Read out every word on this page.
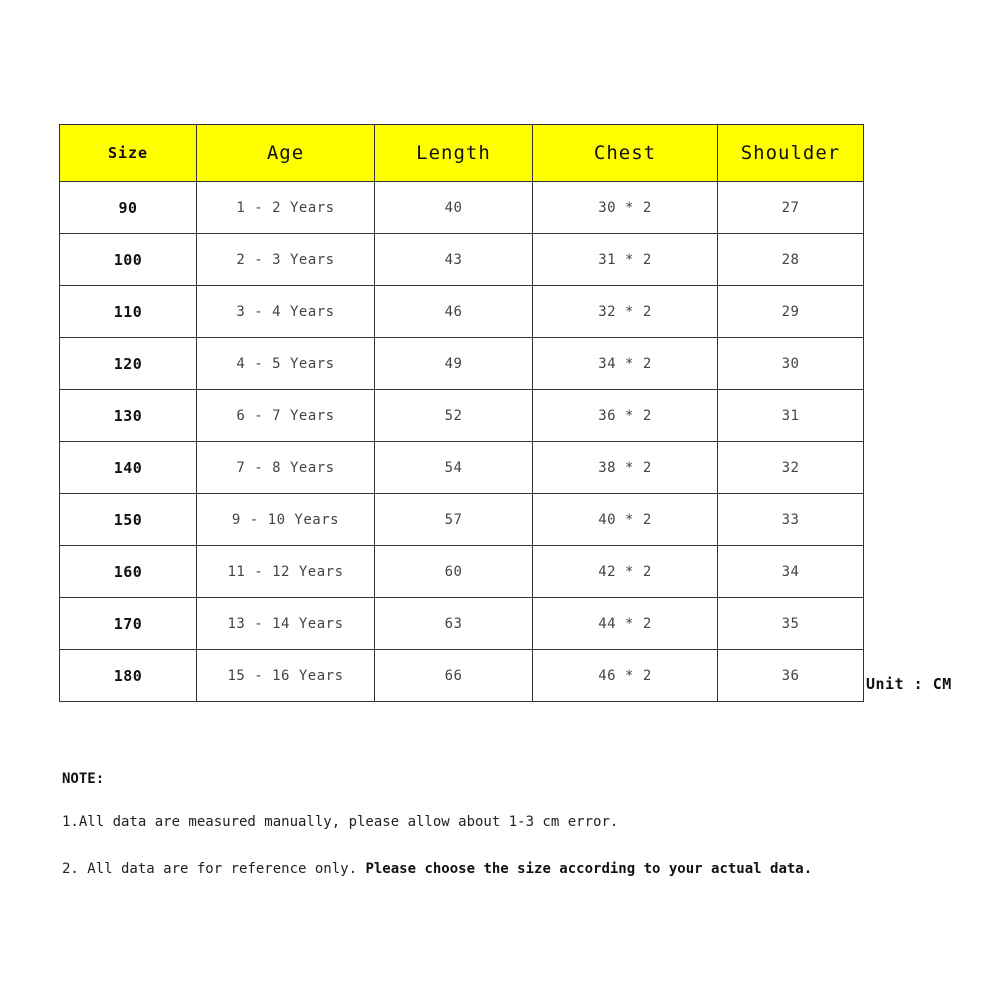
Size	Age	Length	Chest	Shoulder
90	1 - 2 Years	40	30 * 2	27
100	2 - 3 Years	43	31 * 2	28
110	3 - 4 Years	46	32 * 2	29
120	4 - 5 Years	49	34 * 2	30
130	6 - 7 Years	52	36 * 2	31
140	7 - 8 Years	54	38 * 2	32
150	9 - 10 Years	57	40 * 2	33
160	11 - 12 Years	60	42 * 2	34
170	13 - 14 Years	63	44 * 2	35
180	15 - 16 Years	66	46 * 2	36	Unit : CM
NOTE:
1.All data are measured manually, please allow about 1-3 cm error.
2. All data are for reference only. Please choose the size according to your actual data.
